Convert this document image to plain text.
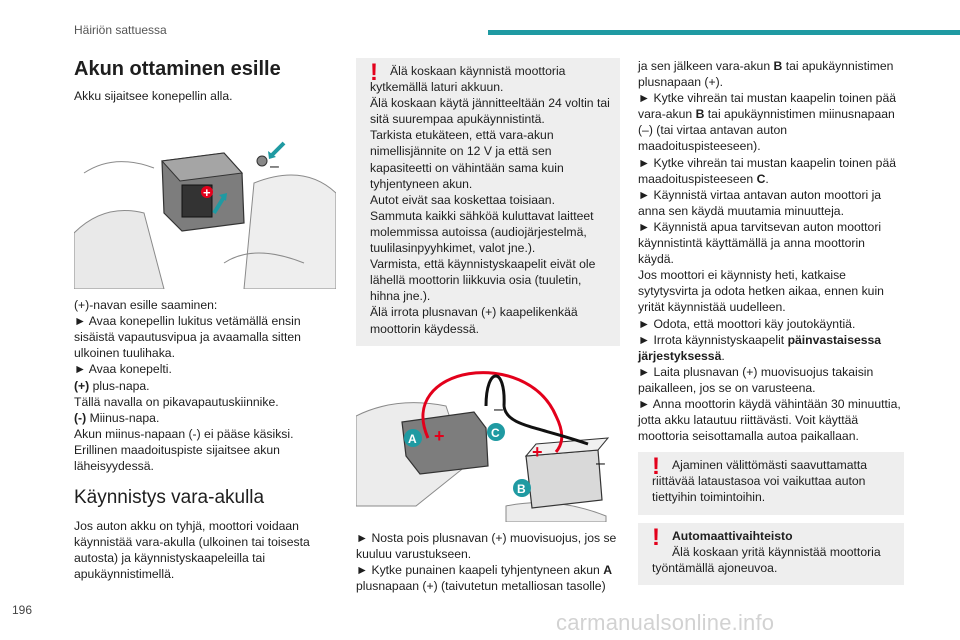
Häiriön sattuessa
Akun ottaminen esille

Akku sijaitsee konepellin alla.

+
–

(+)-navan esille saaminen:

► Avaa konepellin lukitus vetämällä ensin sisäistä vapautusvipua ja avaamalla sitten ulkoinen tuulihaka.

► Avaa konepelti.

(+) plus-napa.

Tällä navalla on pikavapautuskiinnike.

(-) Miinus-napa.

Akun miinus-napaan (-) ei pääse käsiksi. Erillinen maadoituspiste sijaitsee akun läheisyydessä.

Käynnistys vara-akulla

Jos auton akku on tyhjä, moottori voidaan käynnistää vara-akulla (ulkoinen tai toisesta autosta) ja käynnistyskaapeleilla tai apukäynnistimellä.

! Älä koskaan käynnistä moottoria kytkemällä laturi akkuun.

Älä koskaan käytä jännitteeltään 24 voltin tai sitä suurempaa apukäynnistintä.

Tarkista etukäteen, että vara-akun nimellisjännite on 12 V ja että sen kapasiteetti on vähintään sama kuin tyhjentyneen akun.

Autot eivät saa koskettaa toisiaan.

Sammuta kaikki sähköä kuluttavat laitteet molemmissa autoissa (audiojärjestelmä, tuulilasinpyyhkimet, valot jne.).

Varmista, että käynnistyskaapelit eivät ole lähellä moottorin liikkuvia osia (tuuletin, hihna jne.).

Älä irrota plusnavan (+) kaapelikenkää moottorin käydessä.

A	C
B
+
+
–
–

► Nosta pois plusnavan (+) muovisuojus, jos se kuuluu varustukseen.

► Kytke punainen kaapeli tyhjentyneen akun A plusnapaan (+) (taivutetun metalliosan tasolle)

ja sen jälkeen vara-akun B tai apukäynnistimen plusnapaan (+).

► Kytke vihreän tai mustan kaapelin toinen pää vara-akun B tai apukäynnistimen miinusnapaan (–) (tai virtaa antavan auton maadoituspisteeseen).

► Kytke vihreän tai mustan kaapelin toinen pää maadoituspisteeseen C.

► Käynnistä virtaa antavan auton moottori ja anna sen käydä muutamia minuutteja.

► Käynnistä apua tarvitsevan auton moottori käynnistintä käyttämällä ja anna moottorin käydä.

Jos moottori ei käynnisty heti, katkaise sytytysvirta ja odota hetken aikaa, ennen kuin yrität käynnistää uudelleen.

► Odota, että moottori käy joutokäyntiä.

► Irrota käynnistyskaapelit päinvastaisessa järjestyksessä.

► Laita plusnavan (+) muovisuojus takaisin paikalleen, jos se on varusteena.

► Anna moottorin käydä vähintään 30 minuuttia, jotta akku latautuu riittävästi. Voit käyttää moottoria seisottamalla autoa paikallaan.

! Ajaminen välittömästi saavuttamatta riittävää lataustasoa voi vaikuttaa auton tiettyihin toimintoihin.

! Automaattivaihteisto

Älä koskaan yritä käynnistää moottoria työntämällä ajoneuvoa.

196	carmanualsonline.info
